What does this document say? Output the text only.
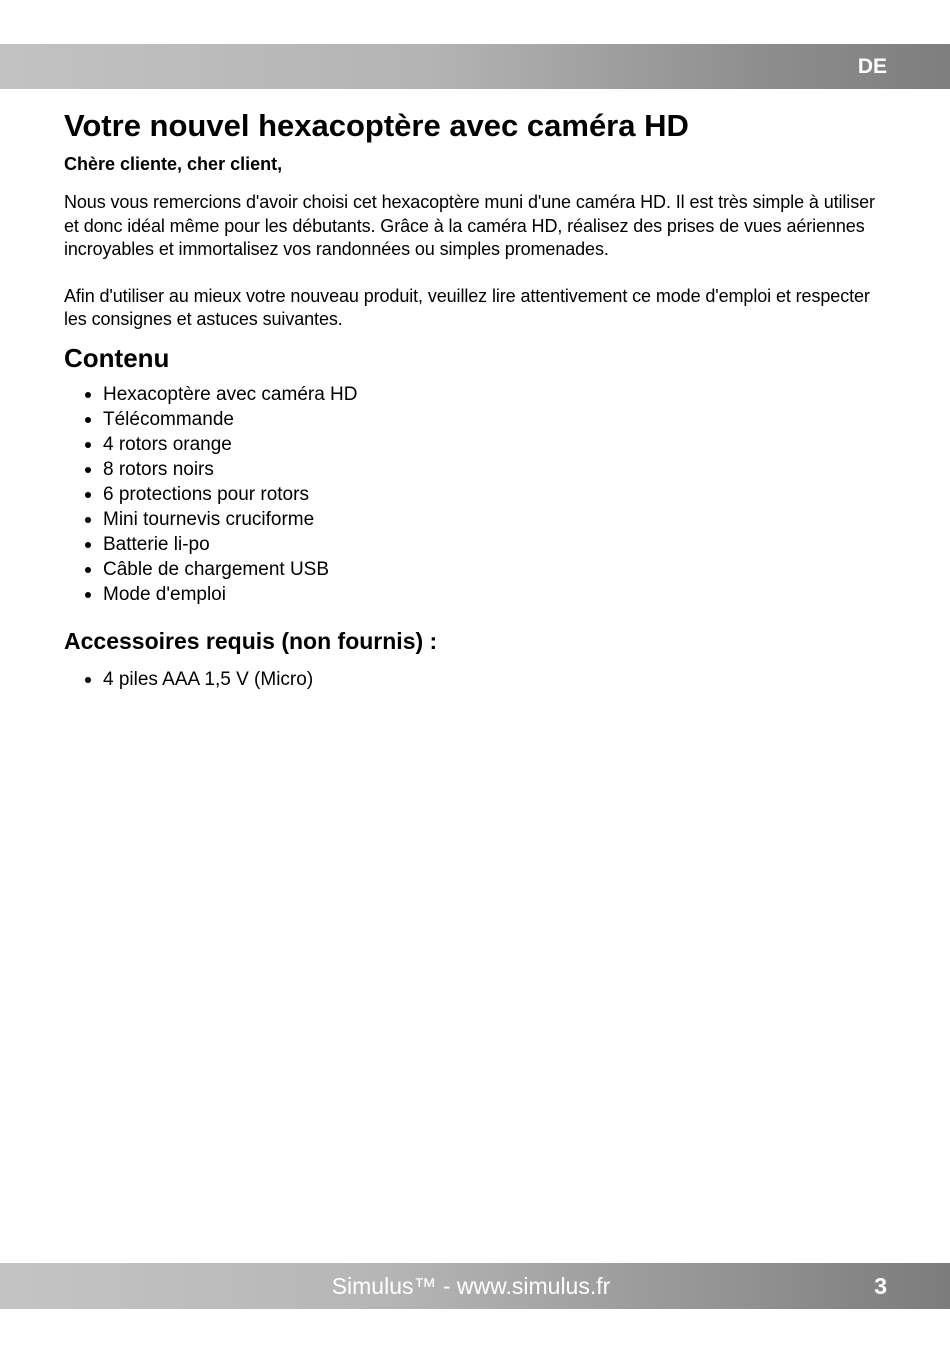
DE
Votre nouvel hexacoptère avec caméra HD

Chère cliente, cher client,

Nous vous remercions d'avoir choisi cet hexacoptère muni d'une caméra HD. Il est très simple à utiliser et donc idéal même pour les débutants. Grâce à la caméra HD, réalisez des prises de vues aériennes incroyables et immortalisez vos randonnées ou simples promenades.

Afin d'utiliser au mieux votre nouveau produit, veuillez lire attentivement ce mode d'emploi et respecter les consignes et astuces suivantes.

Contenu
Hexacoptère avec caméra HD
Télécommande
4 rotors orange
8 rotors noirs
6 protections pour rotors
Mini tournevis cruciforme
Batterie li-po
Câble de chargement USB
Mode d'emploi
Accessoires requis (non fournis) :
4 piles AAA 1,5 V (Micro)
Simulus™ - www.simulus.fr	3
